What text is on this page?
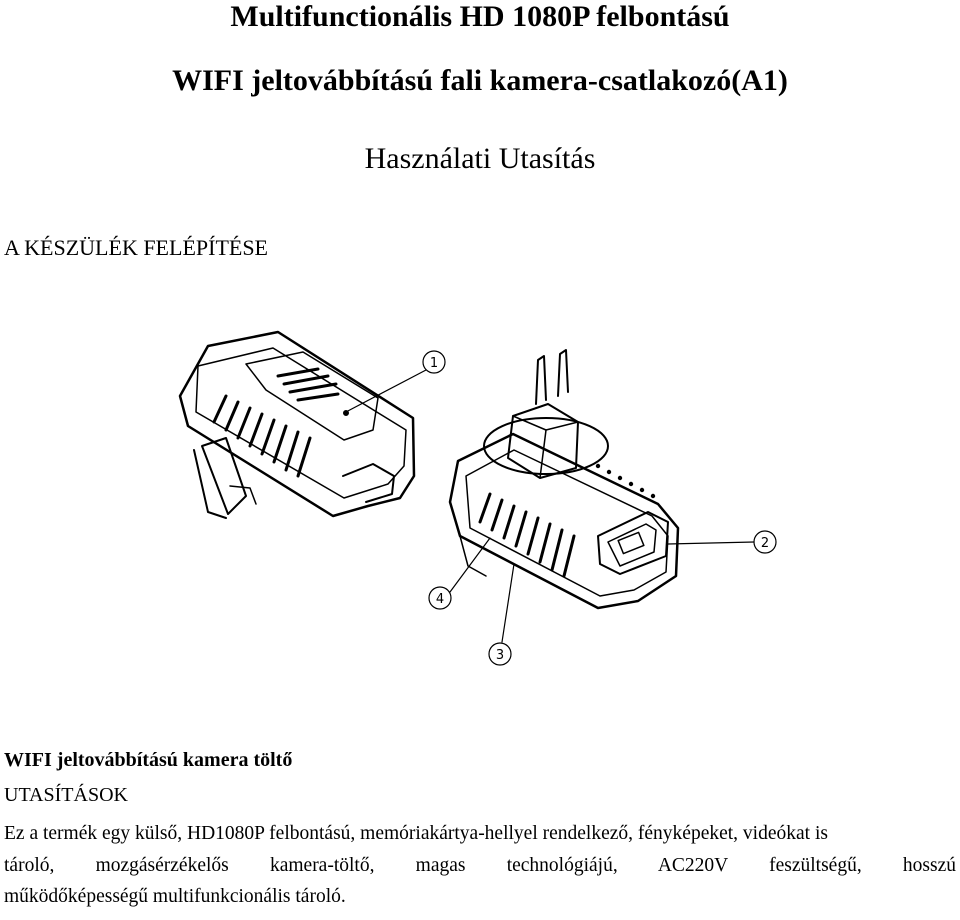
Multifunctionális HD 1080P felbontású
WIFI jeltovábbítású fali kamera-csatlakozó(A1)
Használati Utasítás
A KÉSZÜLÉK FELÉPÍTÉSE
1
2
3
4
WIFI jeltovábbítású kamera töltő
UTASÍTÁSOK
Ez a termék egy külső, HD1080P felbontású, memóriakártya-hellyel rendelkező, fényképeket, videókat is
tároló, mozgásérzékelős kamera-töltő, magas technológiájú, AC220V feszültségű, hosszú
működőképességű multifunkcionális tároló.
